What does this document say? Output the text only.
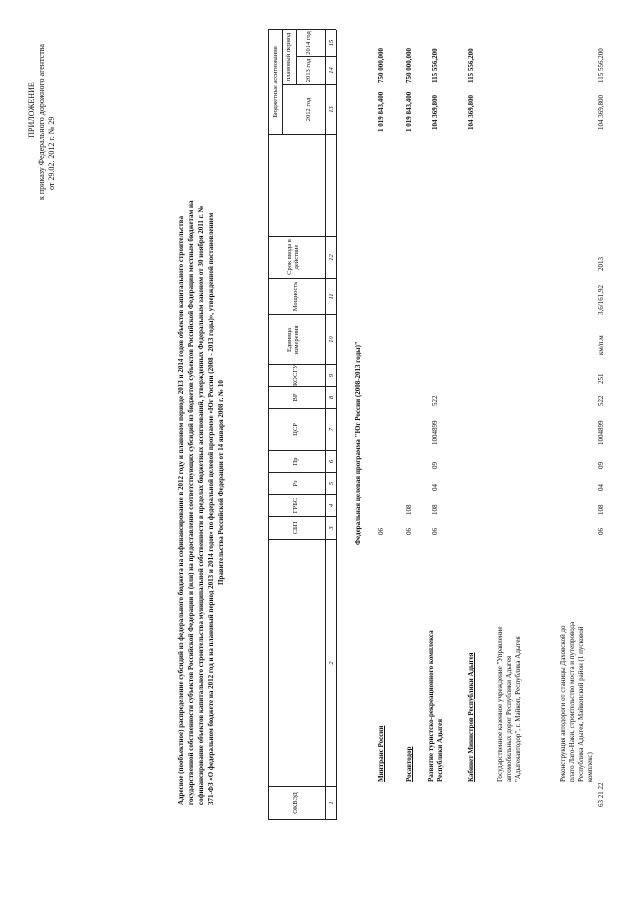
ПРИЛОЖЕНИЕ к приказу Федерального дорожного агентства от 29.02. 2012 г. № 29
Адресное (пообъектное) распределение субсидий из федерального бюджета на софинансирование в 2012 году и плановом периоде 2013 и 2014 годов объектов капитального строительства государственной собственности субъектов Российской Федерации и (или) на предоставление соответствующих субсидий из бюджетов субъектов Российской Федерации местным бюджетам на софинансирование объектов капитального строительства муниципальной собственности в пределах бюджетных ассигнований, утвержденных Федеральным законом от 30 ноября 2011 г. № 371-ФЗ «О федеральном бюджете на 2012 год и на плановый период 2013 и 2014 годов» по федеральной целевой программе «Юг России (2008 - 2013 годы)», утвержденной постановлением Правительства Российской Федерации от 14 января 2008 г. № 10
ОКВЭД
СБП
ГРБС
Рз
Пр
ЦСР
ВР
КОСГУ
Единица измерения
Мощность
Срок ввода в действие
Бюджетные ассигнования	2012 год
плановый период 2013 год
2014 год
1
2
3
4
5
6
7
8
9
10
11
12
13
14
15
Федеральная целевая программа "Юг России (2008-2013 годы)"
Минтранс России
06
1 019 843,400
750 000,000
Росавтодор
06
108
1 019 843,400
750 000,000
Развитие туристско-рекреационного комплекса Республики Адыгея
06
108
04
09
1004899
522
104 369,800
115 556,200
Кабинет Министров Республики Адыгея
104 369,800
115 556,200
Государственное казенное учреждение "Управление автомобильных дорог Республики Адыгея "Адыгеяавтодор", г. Майкоп, Республика Адыгея
63 21 22
Реконструкция автодороги от станицы Даховской до плато Лаго-Наки, строительство моста и путепровода Республика Адыгея, Майкопский район (1 пусковой комплекс)
06
108
04
09
1004899
522
251
км/п.м
3,6/161,92
2013
104 369,800
115 556,200
